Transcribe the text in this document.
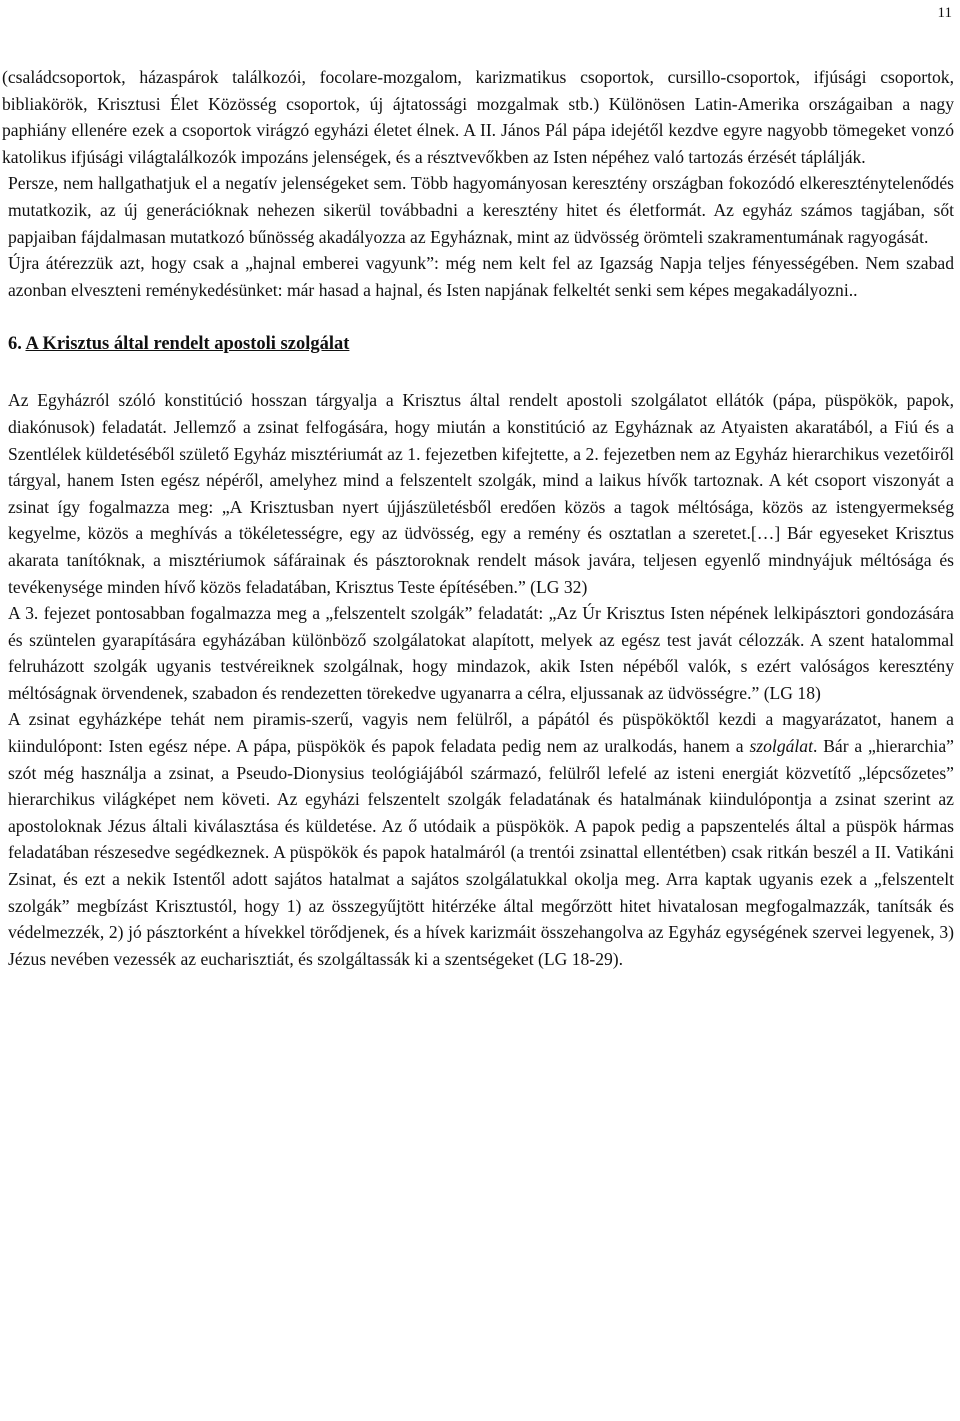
11

(családcsoportok, házaspárok találkozói, focolare-mozgalom, karizmatikus csoportok, cursillo-csoportok, ifjúsági csoportok, bibliakörök, Krisztusi Élet Közösség csoportok, új ájtatossági mozgalmak stb.) Különösen Latin-Amerika országaiban a nagy paphiány ellenére ezek a csoportok virágzó egyházi életet élnek. A II. János Pál pápa idejétől kezdve egyre nagyobb tömegeket vonzó katolikus ifjúsági világtalálkozók impozáns jelenségek, és a résztvevőkben az Isten népéhez való tartozás érzését táplálják.

Persze, nem hallgathatjuk el a negatív jelenségeket sem. Több hagyományosan keresztény országban fokozódó elkereszténytelenődés mutatkozik, az új generációknak nehezen sikerül továbbadni a keresztény hitet és életformát. Az egyház számos tagjában, sőt papjaiban fájdalmasan mutatkozó bűnösség akadályozza az Egyháznak, mint az üdvösség örömteli szakramentumának ragyogását.

Újra átérezzük azt, hogy csak a „hajnal emberei vagyunk”: még nem kelt fel az Igazság Napja teljes fényességében. Nem szabad azonban elveszteni reménykedésünket: már hasad a hajnal, és Isten napjának felkeltét senki sem képes megakadályozni..

6. A Krisztus által rendelt apostoli szolgálat

Az Egyházról szóló konstitúció hosszan tárgyalja a Krisztus által rendelt apostoli szolgálatot ellátók (pápa, püspökök, papok, diakónusok) feladatát. Jellemző a zsinat felfogására, hogy miután a konstitúció az Egyháznak az Atyaisten akaratából, a Fiú és a Szentlélek küldetéséből születő Egyház misztériumát az 1. fejezetben kifejtette, a 2. fejezetben nem az Egyház hierarchikus vezetőiről tárgyal, hanem Isten egész népéről, amelyhez mind a felszentelt szolgák, mind a laikus hívők tartoznak. A két csoport viszonyát a zsinat így fogalmazza meg: „A Krisztusban nyert újjászületésből eredően közös a tagok méltósága, közös az istengyermekség kegyelme, közös a meghívás a tökéletességre, egy az üdvösség, egy a remény és osztatlan a szeretet.[…] Bár egyeseket Krisztus akarata tanítóknak, a misztériumok sáfárainak és pásztoroknak rendelt mások javára, teljesen egyenlő mindnyájuk méltósága és tevékenysége minden hívő közös feladatában, Krisztus Teste építésében.” (LG 32)

A 3. fejezet pontosabban fogalmazza meg a „felszentelt szolgák” feladatát: „Az Úr Krisztus Isten népének lelkipásztori gondozására és szüntelen gyarapítására egyházában különböző szolgálatokat alapított, melyek az egész test javát célozzák. A szent hatalommal felruházott szolgák ugyanis testvéreiknek szolgálnak, hogy mindazok, akik Isten népéből valók, s ezért valóságos keresztény méltóságnak örvendenek, szabadon és rendezetten törekedve ugyanarra a célra, eljussanak az üdvösségre.” (LG 18)

A zsinat egyházképe tehát nem piramis-szerű, vagyis nem felülről, a pápától és püspököktől kezdi a magyarázatot, hanem a kiindulópont: Isten egész népe. A pápa, püspökök és papok feladata pedig nem az uralkodás, hanem a szolgálat. Bár a „hierarchia” szót még használja a zsinat, a Pseudo-Dionysius teológiájából származó, felülről lefelé az isteni energiát közvetítő „lépcsőzetes” hierarchikus világképet nem követi. Az egyházi felszentelt szolgák feladatának és hatalmának kiindulópontja a zsinat szerint az apostoloknak Jézus általi kiválasztása és küldetése. Az ő utódaik a püspökök. A papok pedig a papszentelés által a püspök hármas feladatában részesedve segédkeznek. A püspökök és papok hatalmáról (a trentói zsinattal ellentétben) csak ritkán beszél a II. Vatikáni Zsinat, és ezt a nekik Istentől adott sajátos hatalmat a sajátos szolgálatukkal okolja meg. Arra kaptak ugyanis ezek a „felszentelt szolgák” megbízást Krisztustól, hogy 1) az összegyűjtött hitérzéke által megőrzött hitet hivatalosan megfogalmazzák, tanítsák és védelmezzék, 2) jó pásztorként a hívekkel törődjenek, és a hívek karizmáit összehangolva az Egyház egységének szervei legyenek, 3) Jézus nevében vezessék az eucharisztiát, és szolgáltassák ki a szentségeket (LG 18-29).
